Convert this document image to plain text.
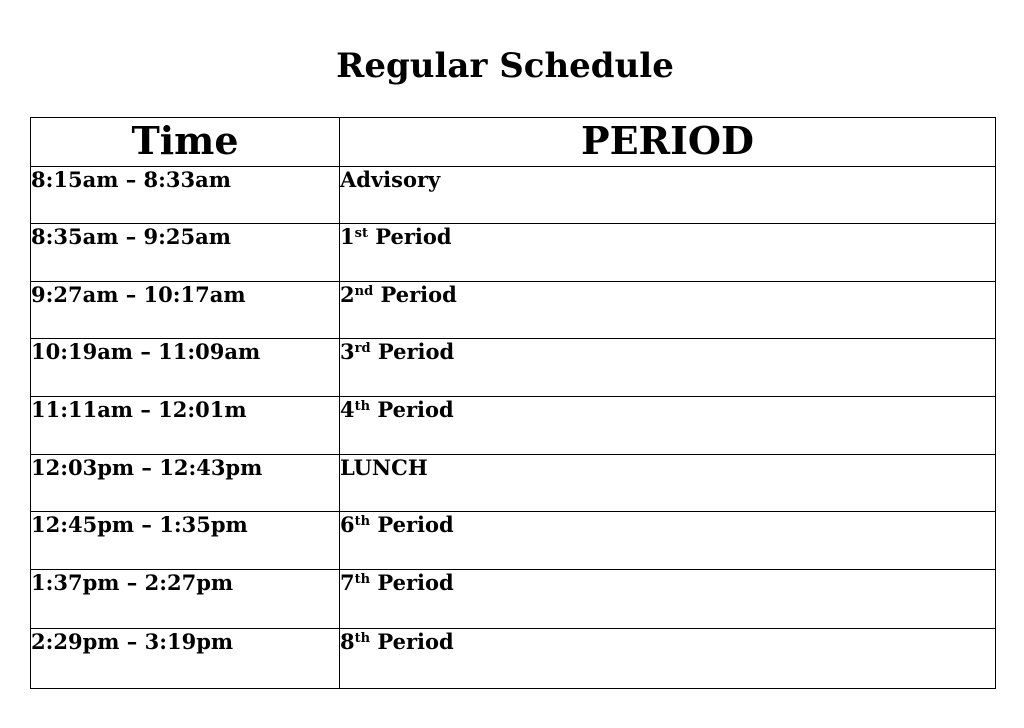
Regular Schedule
Time	PERIOD
8:15am – 8:33am	Advisory
8:35am – 9:25am	1st Period
9:27am – 10:17am	2nd Period
10:19am – 11:09am	3rd Period
11:11am – 12:01m	4th Period
12:03pm – 12:43pm	LUNCH
12:45pm – 1:35pm	6th Period
1:37pm – 2:27pm	7th Period
2:29pm – 3:19pm	8th Period
